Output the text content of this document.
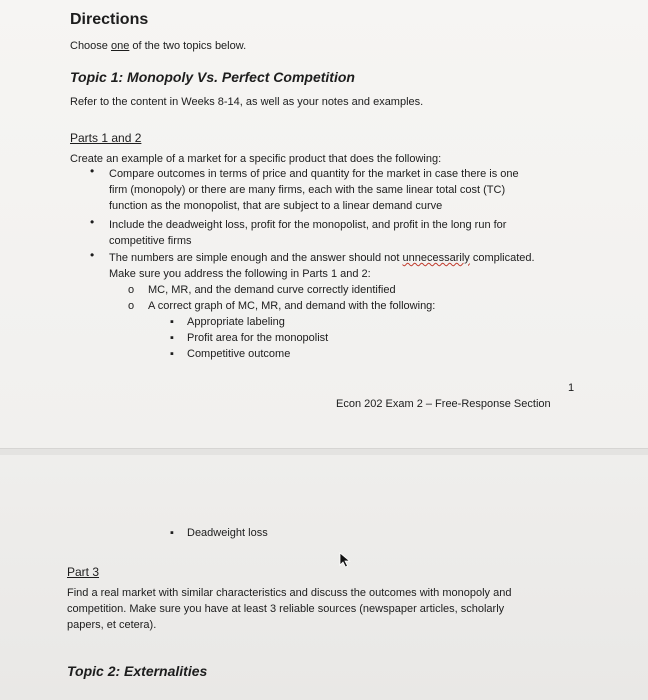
Directions
Choose one of the two topics below.
Topic 1: Monopoly Vs. Perfect Competition
Refer to the content in Weeks 8-14, as well as your notes and examples.
Parts 1 and 2
Create an example of a market for a specific product that does the following:
• Compare outcomes in terms of price and quantity for the market in case there is one
firm (monopoly) or there are many firms, each with the same linear total cost (TC)
function as the monopolist, that are subject to a linear demand curve
• Include the deadweight loss, profit for the monopolist, and profit in the long run for
competitive firms
• The numbers are simple enough and the answer should not unnecessarily complicated.
Make sure you address the following in Parts 1 and 2:
o MC, MR, and the demand curve correctly identified
o A correct graph of MC, MR, and demand with the following:
▪ Appropriate labeling
▪ Profit area for the monopolist
▪ Competitive outcome
1
Econ 202 Exam 2 – Free-Response Section
▪ Deadweight loss
Part 3
Find a real market with similar characteristics and discuss the outcomes with monopoly and
competition. Make sure you have at least 3 reliable sources (newspaper articles, scholarly
papers, et cetera).
Topic 2: Externalities
